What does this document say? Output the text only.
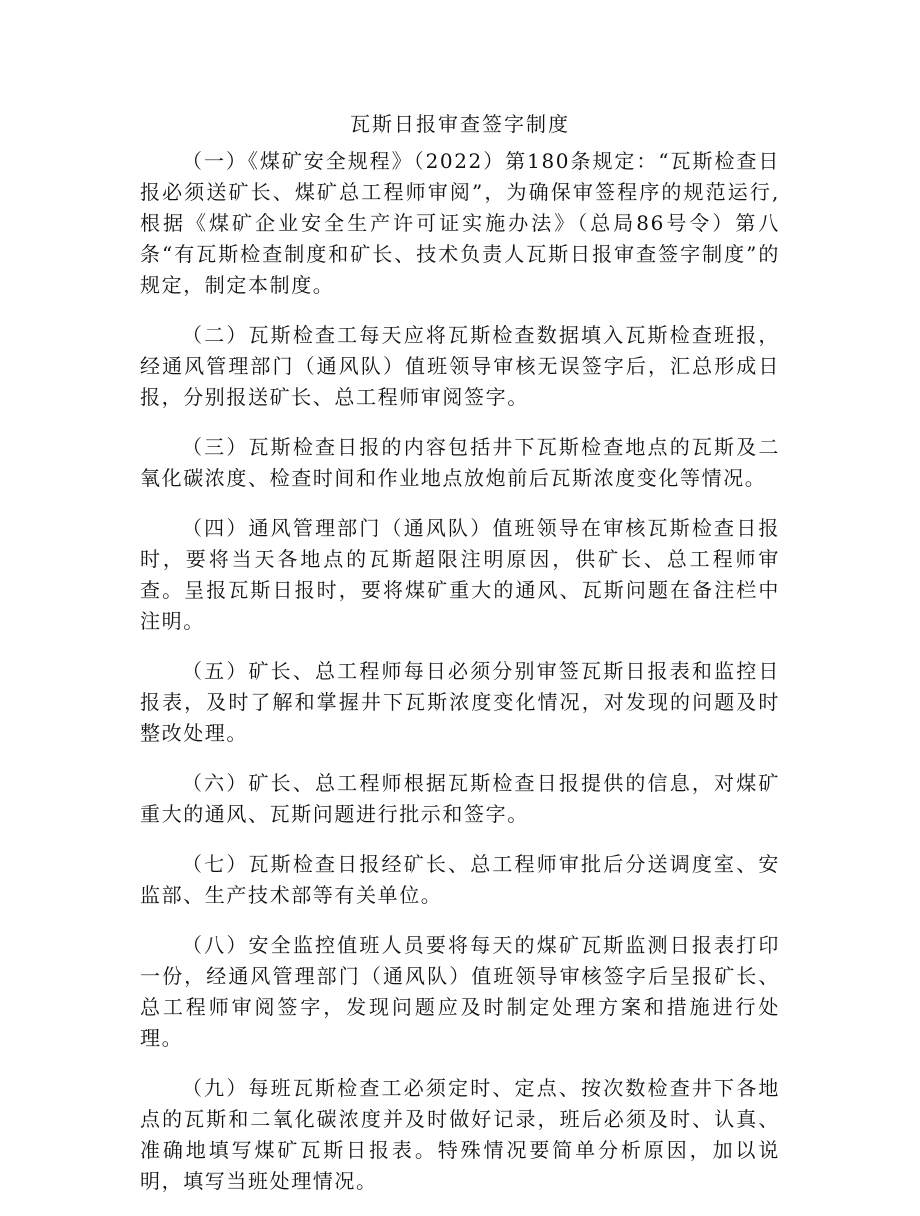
瓦斯日报审查签字制度

（一）《煤矿安全规程》（2022）第180条规定：“瓦斯检查日报必须送矿长、煤矿总工程师审阅”，为确保审签程序的规范运行,根据《煤矿企业安全生产许可证实施办法》（总局86号令）第八条“有瓦斯检查制度和矿长、技术负责人瓦斯日报审查签字制度”的规定，制定本制度。

（二）瓦斯检查工每天应将瓦斯检查数据填入瓦斯检查班报，经通风管理部门（通风队）值班领导审核无误签字后，汇总形成日报，分别报送矿长、总工程师审阅签字。

（三）瓦斯检查日报的内容包括井下瓦斯检查地点的瓦斯及二氧化碳浓度、检查时间和作业地点放炮前后瓦斯浓度变化等情况。

（四）通风管理部门（通风队）值班领导在审核瓦斯检查日报时，要将当天各地点的瓦斯超限注明原因，供矿长、总工程师审查。呈报瓦斯日报时，要将煤矿重大的通风、瓦斯问题在备注栏中注明。

（五）矿长、总工程师每日必须分别审签瓦斯日报表和监控日报表，及时了解和掌握井下瓦斯浓度变化情况，对发现的问题及时整改处理。

（六）矿长、总工程师根据瓦斯检查日报提供的信息，对煤矿重大的通风、瓦斯问题进行批示和签字。

（七）瓦斯检查日报经矿长、总工程师审批后分送调度室、安监部、生产技术部等有关单位。

（八）安全监控值班人员要将每天的煤矿瓦斯监测日报表打印一份，经通风管理部门（通风队）值班领导审核签字后呈报矿长、总工程师审阅签字，发现问题应及时制定处理方案和措施进行处理。

（九）每班瓦斯检查工必须定时、定点、按次数检查井下各地点的瓦斯和二氧化碳浓度并及时做好记录，班后必须及时、认真、准确地填写煤矿瓦斯日报表。特殊情况要简单分析原因，加以说明，填写当班处理情况。
